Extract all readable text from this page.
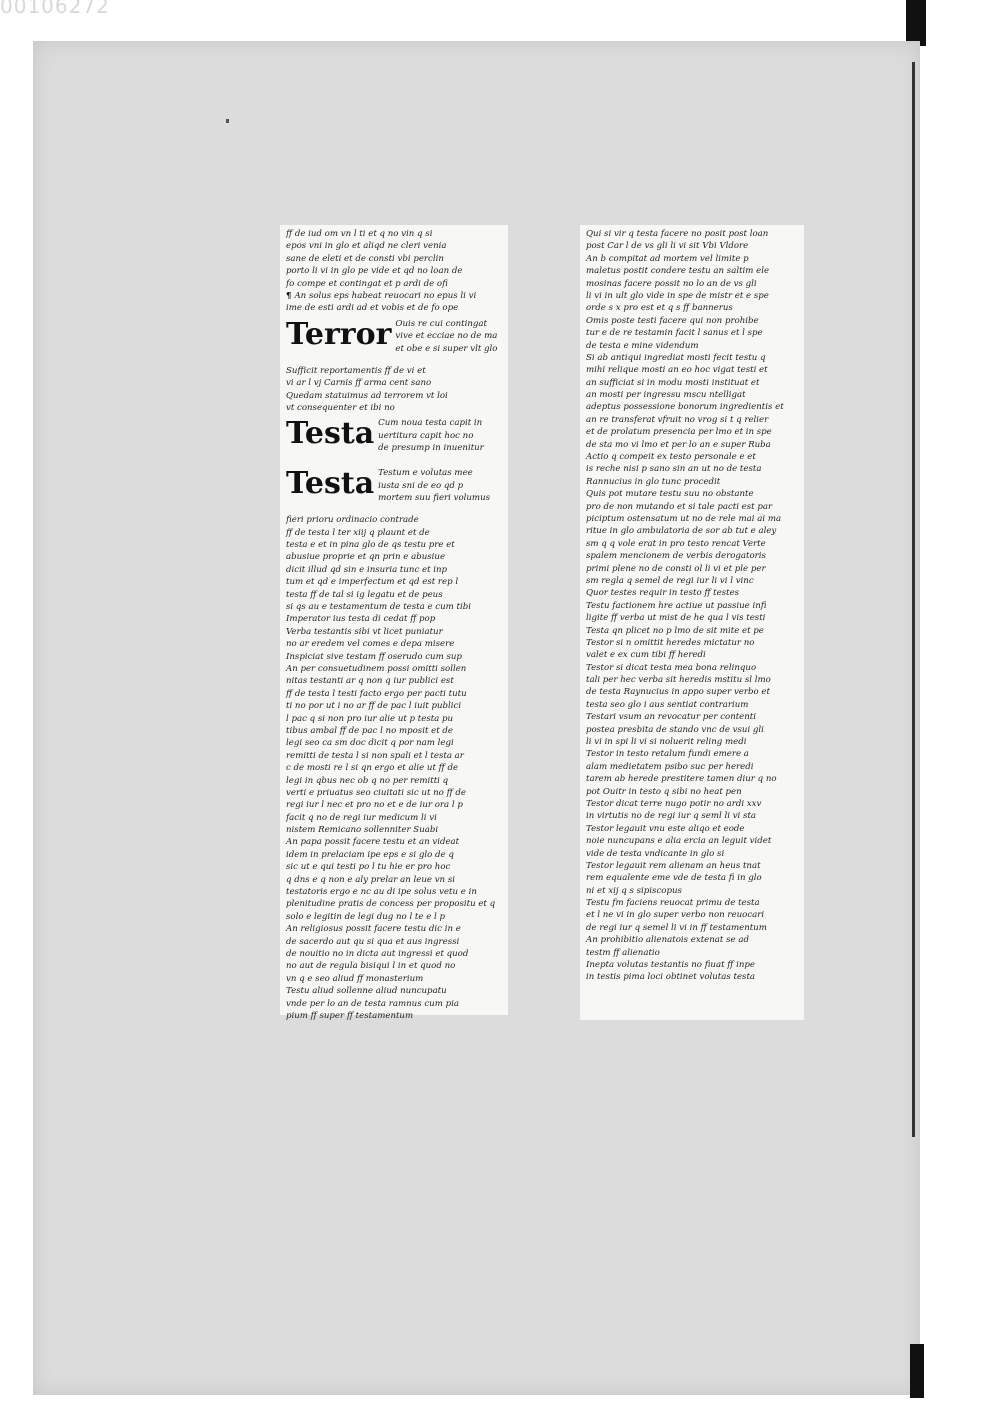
00106272
ff de iud om vn l ti et q no vin q si
epos vni in glo et aliqd ne cleri venia
sane de eleti et de consti vbi perclin
porto li vi in glo pe vide et qd no loan de
fo compe et contingat et p ardi de ofi
¶ An solus eps habeat reuocari no epus li vi
ime de esti ardi ad et vobis et de fo ope
Terror Ouis re cui contingat
vive et ecciae no de ma
et obe e si super vlt glo
Sufficit reportamentis ff de vi et
vi ar l vj Carnis ff arma cent sano
Quedam statuimus ad terrorem vt loi
vt consequenter et ibi no
Testa Cum noua testa capit in
uertitura capit hoc no
de presump in inuenitur
Testa Testum e volutas mee
iusta sni de eo qd p
mortem suu fieri volumus
fieri prioru ordinacio contrade
ff de testa l ter xiij q plaunt et de
testa e et in pina glo de qs testu pre et
abusiue proprie et qn prin e abusiue
dicit illud qd sin e insuria tunc et inp
tum et qd e imperfectum et qd est rep l
testa ff de tal si ig legatu et de peus
si qs au e testamentum de testa e cum tibi
Imperator ius testa di cedat ff pop
Verba testantis sibi vt licet puniatur
no ar eredem vel comes e depa misere
Inspiciat sive testam ff oserudo cum sup
An per consuetudinem possi omitti sollen
nitas testanti ar q non q iur publici est
ff de testa l testi facto ergo per pacti tutu
ti no por ut i no ar ff de pac l iuit publici
l pac q si non pro iur alie ut p testa pu
tibus ambal ff de pac l no mposit et de
legi seo ca sm doc dicit q por nam legi
remitti de testa l si non spali et l testa ar
c de mosti re l si qn ergo et alie ut ff de
legi in qbus nec ob q no per remitti q
verti e priuatus seo ciuitati sic ut no ff de
regi iur l nec et pro no et e de iur ora l p
facit q no de regi iur medicum li vi
nistem Remicano sollenniter Suabi
An papa possit facere testu et an videat
idem in prelaciam ipe eps e si glo de q
sic ut e qui testi po l tu hie er pro hoc
q dns e q non e aly prelar an leue vn si
testatoris ergo e nc au di ipe solus vetu e in
plenitudine pratis de concess per propositu et q
solo e legitin de legi dug no l te e l p
An religiosus possit facere testu dic in e
de sacerdo aut qu si qua et aus ingressi
de nouitio no in dicta aut ingressi et quod
no aut de regula bisiqui l in et quod no
vn q e seo aliud ff monasterium
Testu aliud sollenne aliud nuncupatu
vnde per lo an de testa ramnus cum pia
pium ff super ff testamentum
Qui si vir q testa facere no posit post loan
post Car l de vs gli li vi sit Vbi Vldore
An b compitat ad mortem vel limite p
maletus postit condere testu an saltim ele
mosinas facere possit no lo an de vs gli
li vi in ult glo vide in spe de mistr et e spe
orde s x pro est et q s ff bannerus
Omis poste testi facere qui non prohibe
tur e de re testamin facit l sanus et l spe
de testa e mine videndum
Si ab antiqui ingrediat mosti fecit testu q
mihi relique mosti an eo hoc vigat testi et
an sufficiat si in modu mosti instituat et
an mosti per ingressu mscu ntelligat
adeptus possessione bonorum ingredientis et
an re transferat vfruit no vrog si t q relier
et de prolatum presencia per lmo et in spe
de sta mo vi lmo et per lo an e super Ruba
Actio q compeit ex testo personale e et
is reche nisi p sano sin an ut no de testa
Rannucius in glo tunc procedit
Quis pot mutare testu suu no obstante
pro de non mutando et si tale pacti est par
piciptum ostensatum ut no de rele mai ai ma
ritue in glo ambulatoria de sor ab tut e aley
sm q q vole erat in pro testo rencat Verte
spalem mencionem de verbis derogatoris
primi plene no de consti ol li vi et ple per
sm regla q semel de regi iur li vi l vinc
Quor testes requir in testo ff testes
Testu factionem hre actiue ut passiue infi
ligite ff verba ut mist de he qua l vis testi
Testa qn plicet no p lmo de sit mite et pe
Testor si n omittit heredes mictatur no
valet e ex cum tibi ff heredi
Testor si dicat testa mea bona relinquo
tali per hec verba sit heredis mstitu sl lmo
de testa Raynucius in appo super verbo et
testa seo glo i aus sentiat contrarium
Testari vsum an revocatur per contenti
postea presbita de stando vnc de vsui gli
li vi in spi li vi si noluerit reling medi
Testor in testo retalum fundi emere a
alam medietatem psibo suc per heredi
tarem ab herede prestitere tamen diur q no
pot Ouitr in testo q sibi no heat pen
Testor dicat terre nugo potir no ardi xxv
in virtutis no de regi iur q seml li vi sta
Testor legauit vnu este aliqo et eode
noie nuncupans e alia ercia an leguit videt
vide de testa vndicante in glo si
Testor legauit rem alienam an heus tnat
rem equalente eme vde de testa fi in glo
ni et xij q s sipiscopus
Testu fm faciens reuocat primu de testa
et l ne vi in glo super verbo non reuocari
de regi iur q semel li vi in ff testamentum
An prohibitio alienatois extenat se ad
testm ff alienatio
Inepta volutas testantis no fiuat ff inpe
in testis pima loci obtinet volutas testa
